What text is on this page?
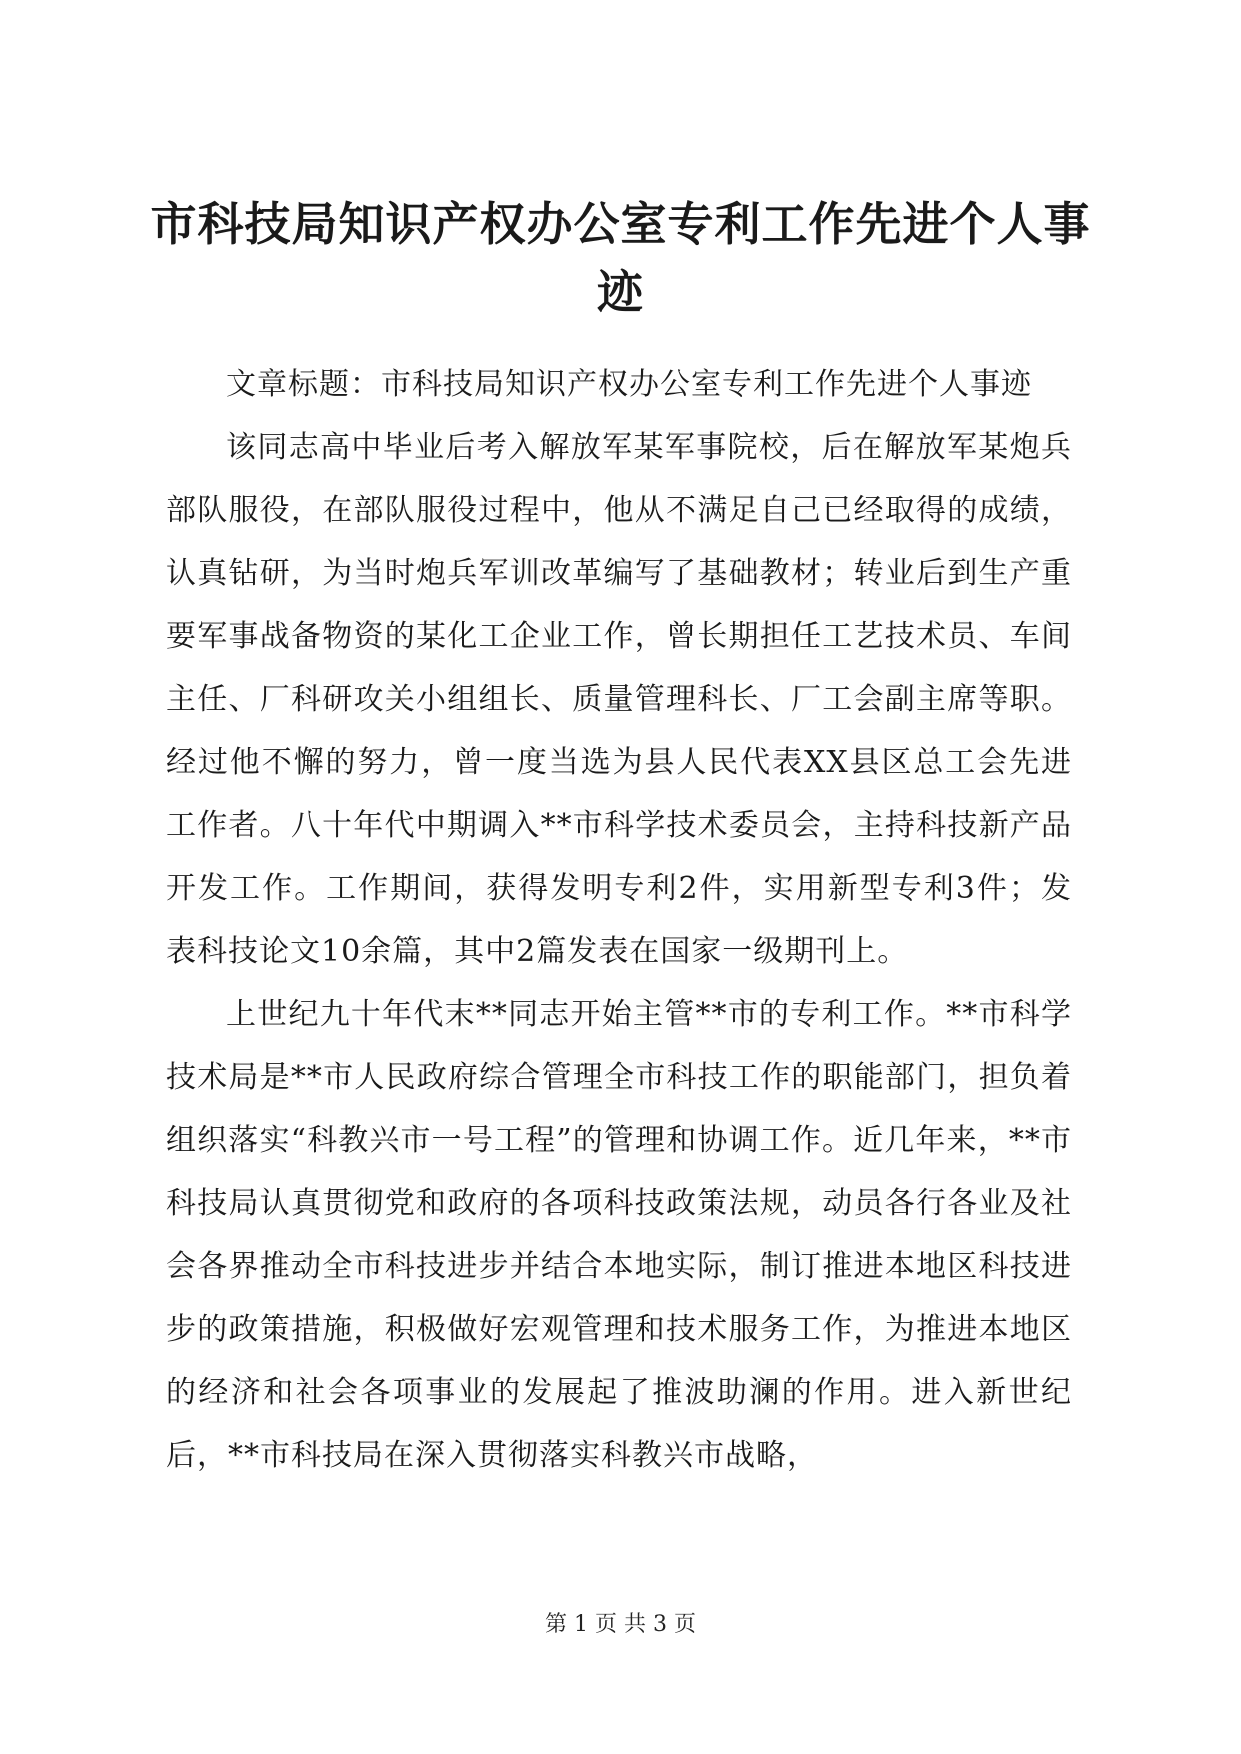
市科技局知识产权办公室专利工作先进个人事迹

文章标题：市科技局知识产权办公室专利工作先进个人事迹

该同志高中毕业后考入解放军某军事院校，后在解放军某炮兵部队服役，在部队服役过程中，他从不满足自己已经取得的成绩，认真钻研，为当时炮兵军训改革编写了基础教材；转业后到生产重要军事战备物资的某化工企业工作，曾长期担任工艺技术员、车间主任、厂科研攻关小组组长、质量管理科长、厂工会副主席等职。经过他不懈的努力，曾一度当选为县人民代表XX县区总工会先进工作者。八十年代中期调入**市科学技术委员会，主持科技新产品开发工作。工作期间，获得发明专利2件，实用新型专利3件；发表科技论文10余篇，其中2篇发表在国家一级期刊上。

上世纪九十年代末**同志开始主管**市的专利工作。**市科学技术局是**市人民政府综合管理全市科技工作的职能部门，担负着组织落实“科教兴市一号工程”的管理和协调工作。近几年来，**市科技局认真贯彻党和政府的各项科技政策法规，动员各行各业及社会各界推动全市科技进步并结合本地实际，制订推进本地区科技进步的政策措施，积极做好宏观管理和技术服务工作，为推进本地区的经济和社会各项事业的发展起了推波助澜的作用。进入新世纪后，**市科技局在深入贯彻落实科教兴市战略，

第 1 页 共 3 页
